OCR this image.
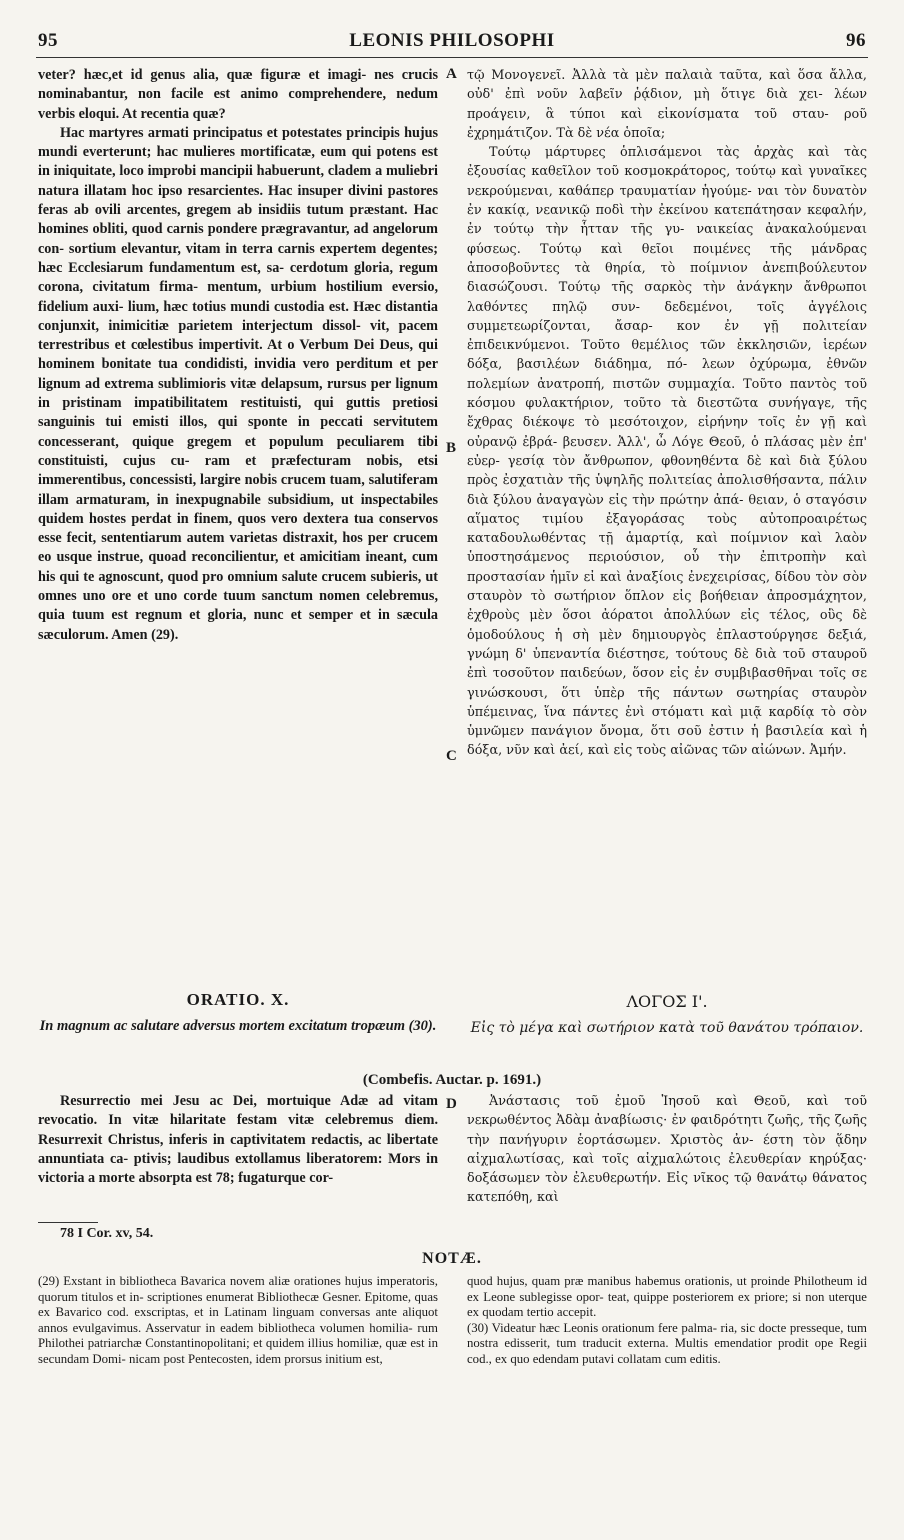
95	LEONIS PHILOSOPHI	96

veter? hæc,et id genus alia, quæ figuræ et imagi- nes crucis nominabantur, non facile est animo comprehendere, nedum verbis eloqui. At recentia quæ?

Hac martyres armati principatus et potestates principis hujus mundi everterunt; hac mulieres mortificatæ, eum qui potens est in iniquitate, loco improbi mancipii habuerunt, cladem a muliebri natura illatam hoc ipso resarcientes. Hac insuper divini pastores feras ab ovili arcentes, gregem ab insidiis tutum præstant. Hac homines obliti, quod carnis pondere prægravantur, ad angelorum con- sortium elevantur, vitam in terra carnis expertem degentes; hæc Ecclesiarum fundamentum est, sa- cerdotum gloria, regum corona, civitatum firma- mentum, urbium hostilium eversio, fidelium auxi- lium, hæc totius mundi custodia est. Hæc distantia conjunxit, inimicitiæ parietem interjectum dissol- vit, pacem terrestribus et cœlestibus impertivit. At o Verbum Dei Deus, qui hominem bonitate tua condidisti, invidia vero perditum et per lignum ad extrema sublimioris vitæ delapsum, rursus per lignum in pristinam impatibilitatem restituisti, qui guttis pretiosi sanguinis tui emisti illos, qui sponte in peccati servitutem concesserant, quique gregem et populum peculiarem tibi constituisti, cujus cu- ram et præfecturam nobis, etsi immerentibus, concessisti, largire nobis crucem tuam, salutiferam illam armaturam, in inexpugnabile subsidium, ut inspectabiles quidem hostes perdat in finem, quos vero dextera tua conservos esse fecit, sententiarum autem varietas distraxit, hos per crucem eo usque instrue, quoad reconcilientur, et amicitiam ineant, cum his qui te agnoscunt, quod pro omnium salute crucem subieris, ut omnes uno ore et uno corde tuum sanctum nomen celebremus, quia tuum est regnum et gloria, nunc et semper et in sæcula sæculorum. Amen (29).

τῷ Μονογενεῖ. Ἀλλὰ τὰ μὲν παλαιὰ ταῦτα, καὶ ὅσα ἄλλα, οὐδ' ἐπὶ νοῦν λαβεῖν ῥᾴδιον, μὴ ὅτιγε διὰ χει- λέων προάγειν, ἃ τύποι καὶ εἰκονίσματα τοῦ σταυ- ροῦ ἐχρημάτιζον. Τὰ δὲ νέα ὁποῖα;

Τούτῳ μάρτυρες ὁπλισάμενοι τὰς ἀρχὰς καὶ τὰς ἐξουσίας καθεῖλον τοῦ κοσμοκράτορος, τούτῳ καὶ γυναῖκες νεκρούμεναι, καθάπερ τραυματίαν ἡγούμε- ναι τὸν δυνατὸν ἐν κακίᾳ, νεανικῷ ποδὶ τὴν ἐκείνου κατεπάτησαν κεφαλήν, ἐν τούτῳ τὴν ἧτταν τῆς γυ- ναικείας ἀνακαλούμεναι φύσεως. Τούτῳ καὶ θεῖοι ποιμένες τῆς μάνδρας ἀποσοβοῦντες τὰ θηρία, τὸ ποίμνιον ἀνεπιβούλευτον διασώζουσι. Τούτῳ τῆς σαρκὸς τὴν ἀνάγκην ἄνθρωποι λαθόντες πηλῷ συν- δεδεμένοι, τοῖς ἀγγέλοις συμμετεωρίζονται, ἄσαρ- κον ἐν γῇ πολιτείαν ἐπιδεικνύμενοι. Τοῦτο θεμέλιος τῶν ἐκκλησιῶν, ἱερέων δόξα, βασιλέων διάδημα, πό- λεων ὀχύρωμα, ἐθνῶν πολεμίων ἀνατροπή, πιστῶν συμμαχία. Τοῦτο παντὸς τοῦ κόσμου φυλακτήριον, τοῦτο τὰ διεστῶτα συνήγαγε, τῆς ἔχθρας διέκοψε τὸ μεσότοιχον, εἰρήνην τοῖς ἐν γῇ καὶ οὐρανῷ ἐβρά- βευσεν. Ἀλλ', ὦ Λόγε Θεοῦ, ὁ πλάσας μὲν ἐπ' εὐερ- γεσίᾳ τὸν ἄνθρωπον, φθονηθέντα δὲ καὶ διὰ ξύλου πρὸς ἐσχατιὰν τῆς ὑψηλῆς πολιτείας ἀπολισθήσαντα, πάλιν διὰ ξύλου ἀναγαγὼν εἰς τὴν πρώτην ἀπά- θειαν, ὁ σταγόσιν αἵματος τιμίου ἐξαγοράσας τοὺς αὐτοπροαιρέτως καταδουλωθέντας τῇ ἁμαρτίᾳ, καὶ ποίμνιον καὶ λαὸν ὑποστησάμενος περιούσιον, οὗ τὴν ἐπιτροπὴν καὶ προστασίαν ἡμῖν εἰ καὶ ἀναξίοις ἐνεχειρίσας, δίδου τὸν σὸν σταυρὸν τὸ σωτήριον ὅπλον εἰς βοήθειαν ἀπροσμάχητον, ἐχθροὺς μὲν ὅσοι ἀόρατοι ἀπολλύων εἰς τέλος, οὓς δὲ ὁμοδούλους ἡ σὴ μὲν δημιουργὸς ἐπλαστούργησε δεξιά, γνώμη δ' ὑπεναντία διέστησε, τούτους δὲ διὰ τοῦ σταυροῦ ἐπὶ τοσοῦτον παιδεύων, ὅσον εἰς ἐν συμβιβασθῆναι τοῖς σε γινώσκουσι, ὅτι ὑπὲρ τῆς πάντων σωτηρίας σταυρὸν ὑπέμεινας, ἵνα πάντες ἑνὶ στόματι καὶ μιᾷ καρδίᾳ τὸ σὸν ὑμνῶμεν πανάγιον ὄνομα, ὅτι σοῦ ἐστιν ἡ βασιλεία καὶ ἡ δόξα, νῦν καὶ ἀεί, καὶ εἰς τοὺς αἰῶνας τῶν αἰώνων. Ἀμήν.

A
B
C
D
ORATIO. X.
In magnum ac salutare adversus mortem excitatum tropæum (30).
ΛΟΓΟΣ Ι'.
Εἰς τὸ μέγα καὶ σωτήριον κατὰ τοῦ θανάτου τρόπαιον.
(Combefis. Auctar. p. 1691.)

Resurrectio mei Jesu ac Dei, mortuique Adæ ad vitam revocatio. In vitæ hilaritate festam vitæ celebremus diem. Resurrexit Christus, inferis in captivitatem redactis, ac libertate annuntiata ca- ptivis; laudibus extollamus liberatorem: Mors in victoria a morte absorpta est 78; fugaturque cor-

Ἀνάστασις τοῦ ἐμοῦ Ἰησοῦ καὶ Θεοῦ, καὶ τοῦ νεκρωθέντος Ἀδὰμ ἀναβίωσις· ἐν φαιδρότητι ζωῆς, τῆς ζωῆς τὴν πανήγυριν ἑορτάσωμεν. Χριστὸς ἀν- έστη τὸν ᾅδην αἰχμαλωτίσας, καὶ τοῖς αἰχμαλώτοις ἐλευθερίαν κηρύξας· δοξάσωμεν τὸν ἐλευθερωτήν. Εἰς νῖκος τῷ θανάτῳ θάνατος κατεπόθη, καὶ

78 I Cor. xv, 54.
NOTÆ.

(29) Exstant in bibliotheca Bavarica novem aliæ orationes hujus imperatoris, quorum titulos et in- scriptiones enumerat Bibliothecæ Gesner. Epitome, quas ex Bavarico cod. exscriptas, et in Latinam linguam conversas ante aliquot annos evulgavimus. Asservatur in eadem bibliotheca volumen homilia- rum Philothei patriarchæ Constantinopolitani; et quidem illius homiliæ, quæ est in secundam Domi- nicam post Pentecosten, idem prorsus initium est,

quod hujus, quam præ manibus habemus orationis, ut proinde Philotheum id ex Leone sublegisse opor- teat, quippe posteriorem ex priore; si non uterque ex quodam tertio accepit.

(30) Videatur hæc Leonis orationum fere palma- ria, sic docte presseque, tum nostra edisserit, tum traducit externa. Multis emendatior prodit ope Regii cod., ex quo edendam putavi collatam cum editis.
